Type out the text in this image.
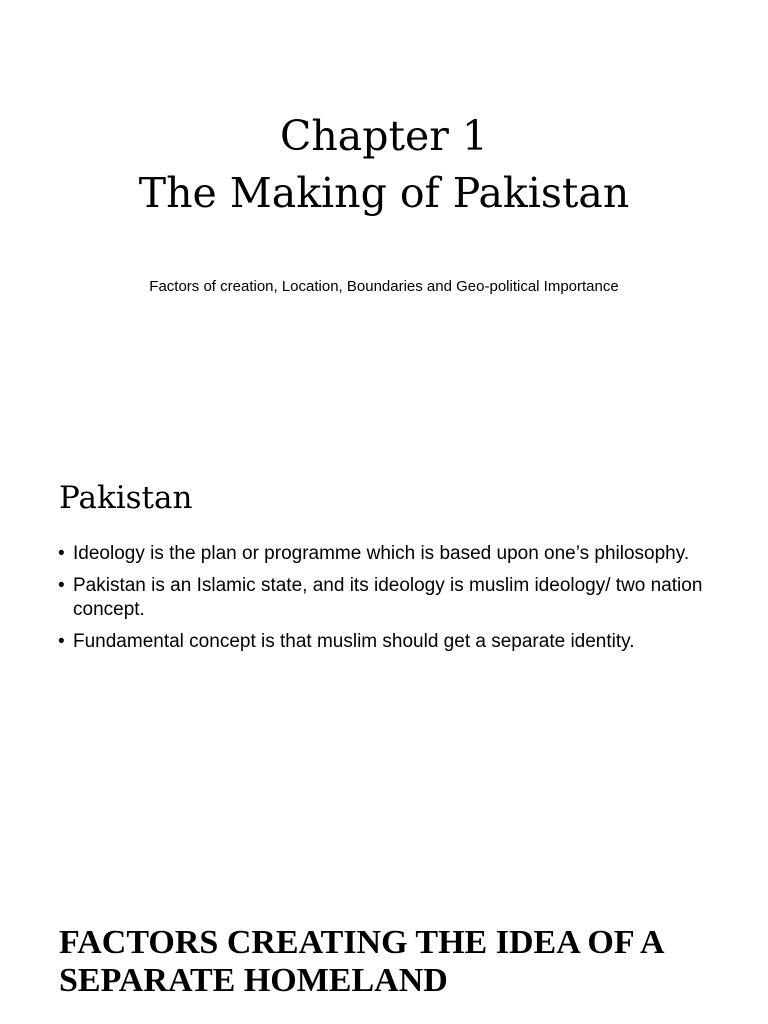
Chapter 1
The Making of Pakistan
Factors of creation, Location, Boundaries and Geo-political Importance
Pakistan
• Ideology is the plan or programme which is based upon one’s philosophy.
• Pakistan is an Islamic state, and its ideology is muslim ideology/ two nation concept.
• Fundamental concept is that muslim should get a separate identity.
FACTORS CREATING THE IDEA OF A
SEPARATE HOMELAND
